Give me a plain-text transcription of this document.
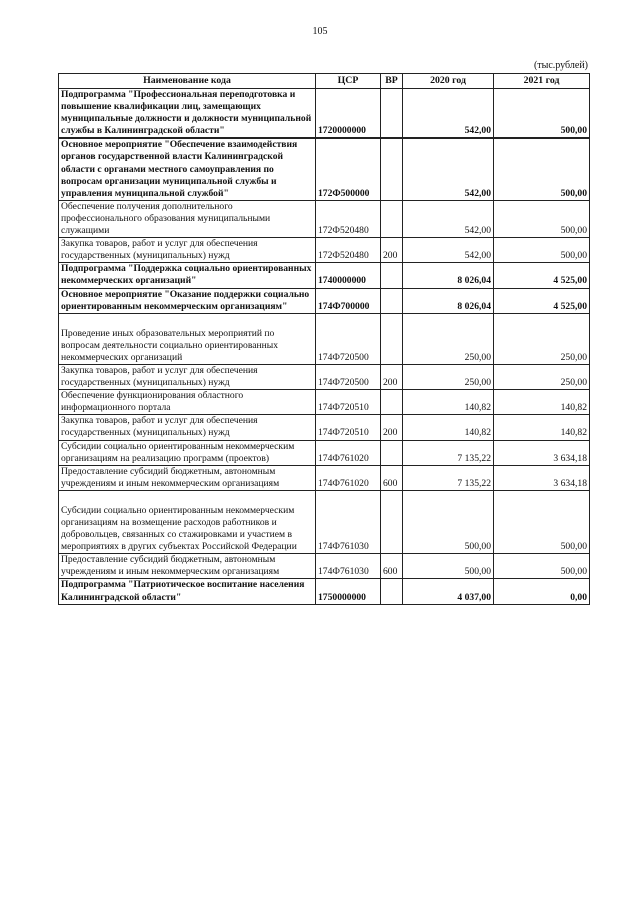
105
(тыс.рублей)
Наименование кода	ЦСР	ВР	2020 год	2021 год
Подпрограмма "Профессиональная переподготовка и повышение квалификации лиц, замещающих муниципальные должности и должности муниципальной службы в Калининградской области"	1720000000		542,00	500,00
Основное мероприятие "Обеспечение взаимодействия органов государственной власти Калининградской области с органами местного самоуправления по вопросам организации муниципальной службы и управления муниципальной службой"	172Ф500000		542,00	500,00
Обеспечение получения дополнительного профессионального образования муниципальными служащими	172Ф520480		542,00	500,00
Закупка товаров, работ и услуг для обеспечения государственных (муниципальных) нужд	172Ф520480	200	542,00	500,00
Подпрограмма "Поддержка социально ориентированных некоммерческих организаций"	1740000000		8 026,04	4 525,00
Основное мероприятие "Оказание поддержки социально ориентированным некоммерческим организациям"	174Ф700000		8 026,04	4 525,00
Проведение иных образовательных мероприятий по вопросам деятельности социально ориентированных некоммерческих организаций	174Ф720500		250,00	250,00
Закупка товаров, работ и услуг для обеспечения государственных (муниципальных) нужд	174Ф720500	200	250,00	250,00
Обеспечение функционирования областного информационного портала	174Ф720510		140,82	140,82
Закупка товаров, работ и услуг для обеспечения государственных (муниципальных) нужд	174Ф720510	200	140,82	140,82
Субсидии социально ориентированным некоммерческим организациям на реализацию программ (проектов)	174Ф761020		7 135,22	3 634,18
Предоставление субсидий бюджетным, автономным учреждениям и иным некоммерческим организациям	174Ф761020	600	7 135,22	3 634,18
Субсидии социально ориентированным некоммерческим организациям на возмещение расходов работников и добровольцев, связанных со стажировками и участием в мероприятиях в других субъектах Российской Федерации	174Ф761030		500,00	500,00
Предоставление субсидий бюджетным, автономным учреждениям и иным некоммерческим организациям	174Ф761030	600	500,00	500,00
Подпрограмма "Патриотическое воспитание населения Калининградской области"	1750000000		4 037,00	0,00
